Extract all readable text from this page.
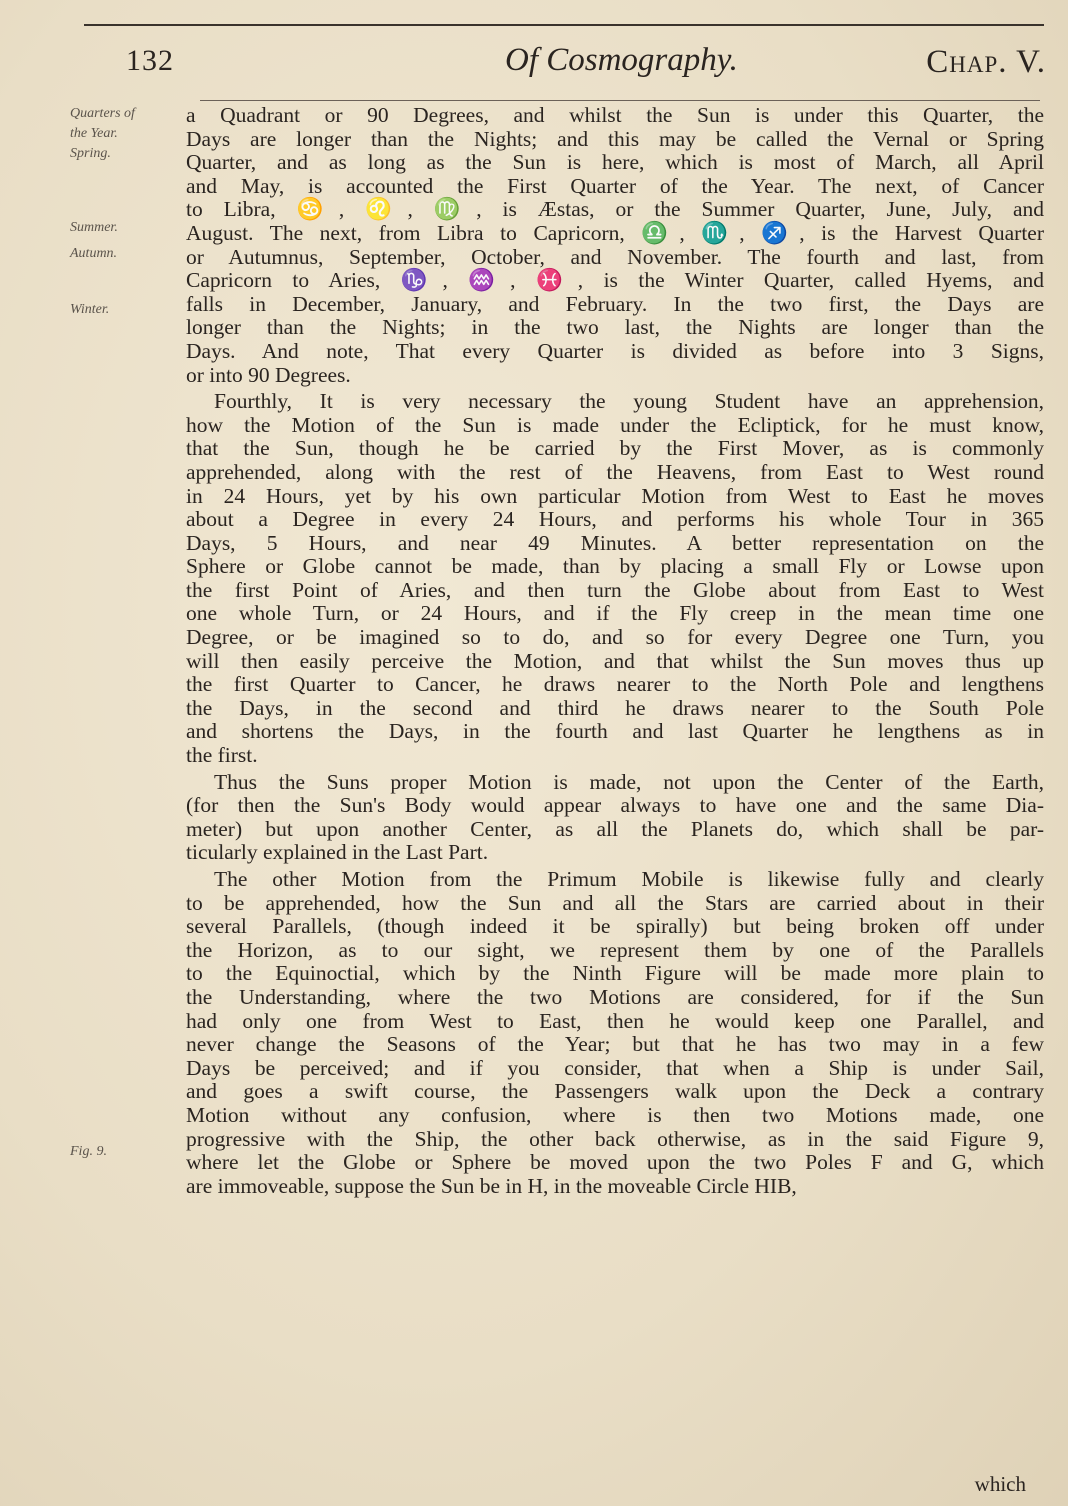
132	Of Cosmography.	Chap. V.
Quarters of
the Year.
Spring.
Summer.
Autumn.
Winter.
Fig. 9.

a Quadrant or 90 Degrees, and whilst the Sun is under this Quarter, the
Days are longer than the Nights; and this may be called the Vernal or Spring
Quarter, and as long as the Sun is here, which is most of March, all April
and May, is accounted the First Quarter of the Year. The next, of Cancer
to Libra, ♋, ♌, ♍, is Æstas, or the Summer Quarter, June, July, and
August. The next, from Libra to Capricorn, ♎, ♏, ♐, is the Harvest Quarter
or Autumnus, September, October, and November. The fourth and last, from
Capricorn to Aries, ♑, ♒, ♓, is the Winter Quarter, called Hyems, and
falls in December, January, and February. In the two first, the Days are
longer than the Nights; in the two last, the Nights are longer than the
Days. And note, That every Quarter is divided as before into 3 Signs,
or into 90 Degrees.

Fourthly, It is very necessary the young Student have an apprehension,
how the Motion of the Sun is made under the Ecliptick, for he must know,
that the Sun, though he be carried by the First Mover, as is commonly
apprehended, along with the rest of the Heavens, from East to West round
in 24 Hours, yet by his own particular Motion from West to East he moves
about a Degree in every 24 Hours, and performs his whole Tour in 365
Days, 5 Hours, and near 49 Minutes. A better representation on the
Sphere or Globe cannot be made, than by placing a small Fly or Lowse upon
the first Point of Aries, and then turn the Globe about from East to West
one whole Turn, or 24 Hours, and if the Fly creep in the mean time one
Degree, or be imagined so to do, and so for every Degree one Turn, you
will then easily perceive the Motion, and that whilst the Sun moves thus up
the first Quarter to Cancer, he draws nearer to the North Pole and lengthens
the Days, in the second and third he draws nearer to the South Pole
and shortens the Days, in the fourth and last Quarter he lengthens as in
the first.

Thus the Suns proper Motion is made, not upon the Center of the Earth,
(for then the Sun's Body would appear always to have one and the same Dia-
meter) but upon another Center, as all the Planets do, which shall be par-
ticularly explained in the Last Part.

The other Motion from the Primum Mobile is likewise fully and clearly
to be apprehended, how the Sun and all the Stars are carried about in their
several Parallels, (though indeed it be spirally) but being broken off under
the Horizon, as to our sight, we represent them by one of the Parallels
to the Equinoctial, which by the Ninth Figure will be made more plain to
the Understanding, where the two Motions are considered, for if the Sun
had only one from West to East, then he would keep one Parallel, and
never change the Seasons of the Year; but that he has two may in a few
Days be perceived; and if you consider, that when a Ship is under Sail,
and goes a swift course, the Passengers walk upon the Deck a contrary
Motion without any confusion, where is then two Motions made, one
progressive with the Ship, the other back otherwise, as in the said Figure 9,
where let the Globe or Sphere be moved upon the two Poles F and G, which
are immoveable, suppose the Sun be in H, in the moveable Circle HIB,

which
